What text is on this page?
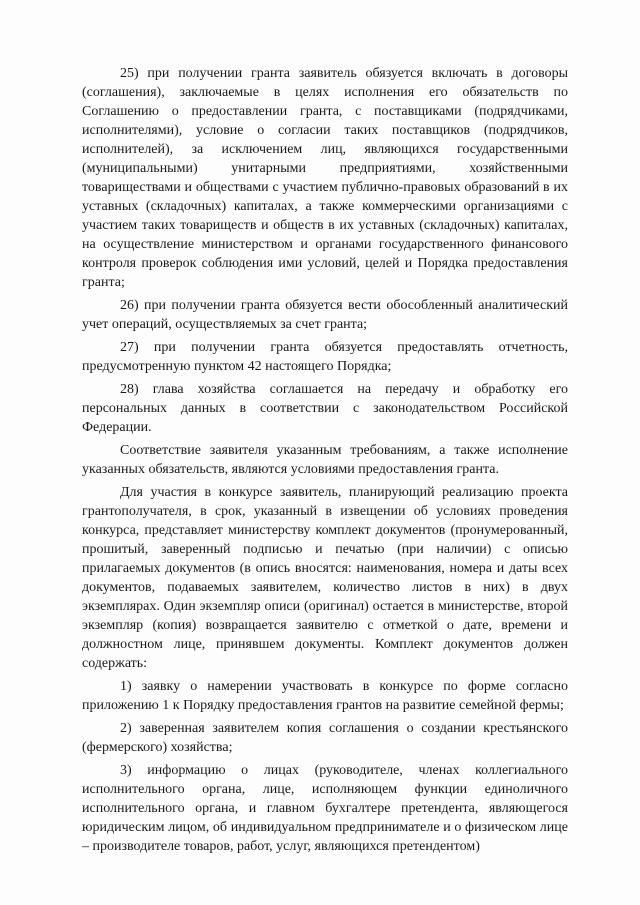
25) при получении гранта заявитель обязуется включать в договоры (соглашения), заключаемые в целях исполнения его обязательств по Соглашению о предоставлении гранта, с поставщиками (подрядчиками, исполнителями), условие о согласии таких поставщиков (подрядчиков, исполнителей), за исключением лиц, являющихся государственными (муниципальными) унитарными предприятиями, хозяйственными товариществами и обществами с участием публично-правовых образований в их уставных (складочных) капиталах, а также коммерческими организациями с участием таких товариществ и обществ в их уставных (складочных) капиталах, на осуществление министерством и органами государственного финансового контроля проверок соблюдения ими условий, целей и Порядка предоставления гранта;

26) при получении гранта обязуется вести обособленный аналитический учет операций, осуществляемых за счет гранта;

27) при получении гранта обязуется предоставлять отчетность, предусмотренную пунктом 42 настоящего Порядка;

28) глава хозяйства соглашается на передачу и обработку его персональных данных в соответствии с законодательством Российской Федерации.

Соответствие заявителя указанным требованиям, а также исполнение указанных обязательств, являются условиями предоставления гранта.

Для участия в конкурсе заявитель, планирующий реализацию проекта грантополучателя, в срок, указанный в извещении об условиях проведения конкурса, представляет министерству комплект документов (пронумерованный, прошитый, заверенный подписью и печатью (при наличии) с описью прилагаемых документов (в опись вносятся: наименования, номера и даты всех документов, подаваемых заявителем, количество листов в них) в двух экземплярах. Один экземпляр описи (оригинал) остается в министерстве, второй экземпляр (копия) возвращается заявителю с отметкой о дате, времени и должностном лице, принявшем документы. Комплект документов должен содержать:

1) заявку о намерении участвовать в конкурсе по форме согласно приложению 1 к Порядку предоставления грантов на развитие семейной фермы;

2) заверенная заявителем копия соглашения о создании крестьянского (фермерского) хозяйства;

3) информацию о лицах (руководителе, членах коллегиального исполнительного органа, лице, исполняющем функции единоличного исполнительного органа, и главном бухгалтере претендента, являющегося юридическим лицом, об индивидуальном предпринимателе и о физическом лице – производителе товаров, работ, услуг, являющихся претендентом)
